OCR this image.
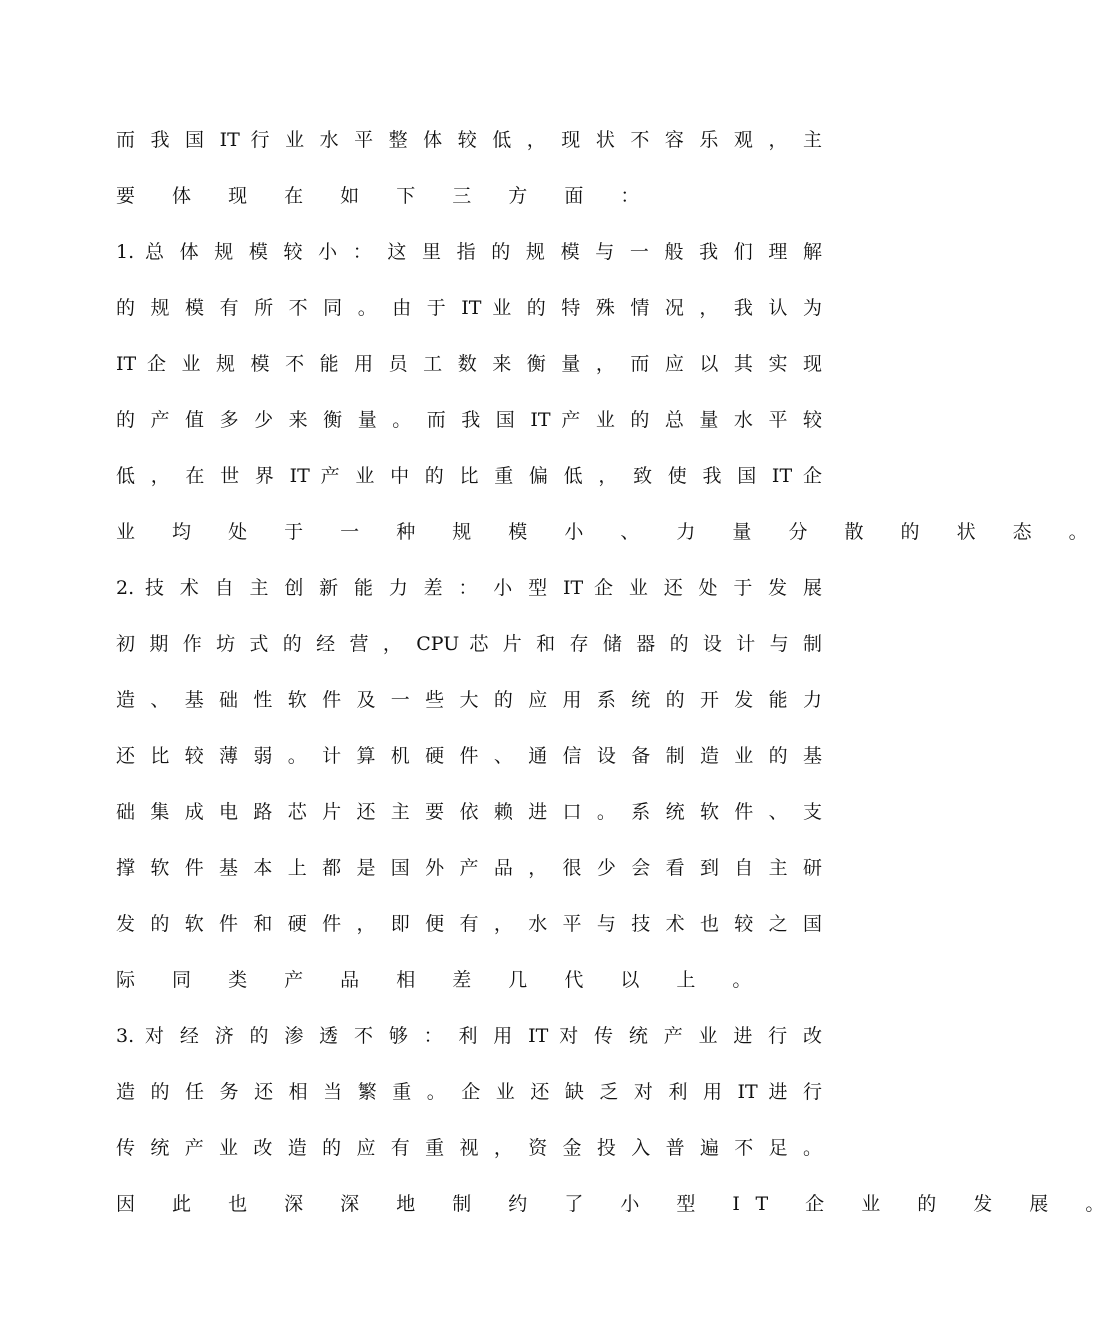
而 我 国 IT 行 业 水 平 整 体 较 低 ， 现 状 不 容 乐 观 ， 主
要 体 现 在 如 下 三 方 面 ：
1. 总 体 规 模 较 小 ： 这 里 指 的 规 模 与 一 般 我 们 理 解
的 规 模 有 所 不 同 。 由 于 IT 业 的 特 殊 情 况 ， 我 认 为
IT 企 业 规 模 不 能 用 员 工 数 来 衡 量 ， 而 应 以 其 实 现
的 产 值 多 少 来 衡 量 。 而 我 国 IT 产 业 的 总 量 水 平 较
低 ， 在 世 界 IT 产 业 中 的 比 重 偏 低 ， 致 使 我 国 IT 企
业 均 处 于 一 种 规 模 小 、 力 量 分 散 的 状 态 。
2. 技 术 自 主 创 新 能 力 差 ： 小 型 IT 企 业 还 处 于 发 展
初 期 作 坊 式 的 经 营 ， CPU 芯 片 和 存 储 器 的 设 计 与 制
造 、 基 础 性 软 件 及 一 些 大 的 应 用 系 统 的 开 发 能 力
还 比 较 薄 弱 。 计 算 机 硬 件 、 通 信 设 备 制 造 业 的 基
础 集 成 电 路 芯 片 还 主 要 依 赖 进 口 。 系 统 软 件 、 支
撑 软 件 基 本 上 都 是 国 外 产 品 ， 很 少 会 看 到 自 主 研
发 的 软 件 和 硬 件 ， 即 便 有 ， 水 平 与 技 术 也 较 之 国
际 同 类 产 品 相 差 几 代 以 上 。
3. 对 经 济 的 渗 透 不 够 ： 利 用 IT 对 传 统 产 业 进 行 改
造 的 任 务 还 相 当 繁 重 。 企 业 还 缺 乏 对 利 用 IT 进 行
传 统 产 业 改 造 的 应 有 重 视 ， 资 金 投 入 普 遍 不 足 。
因 此 也 深 深 地 制 约 了 小 型 IT 企 业 的 发 展 。
